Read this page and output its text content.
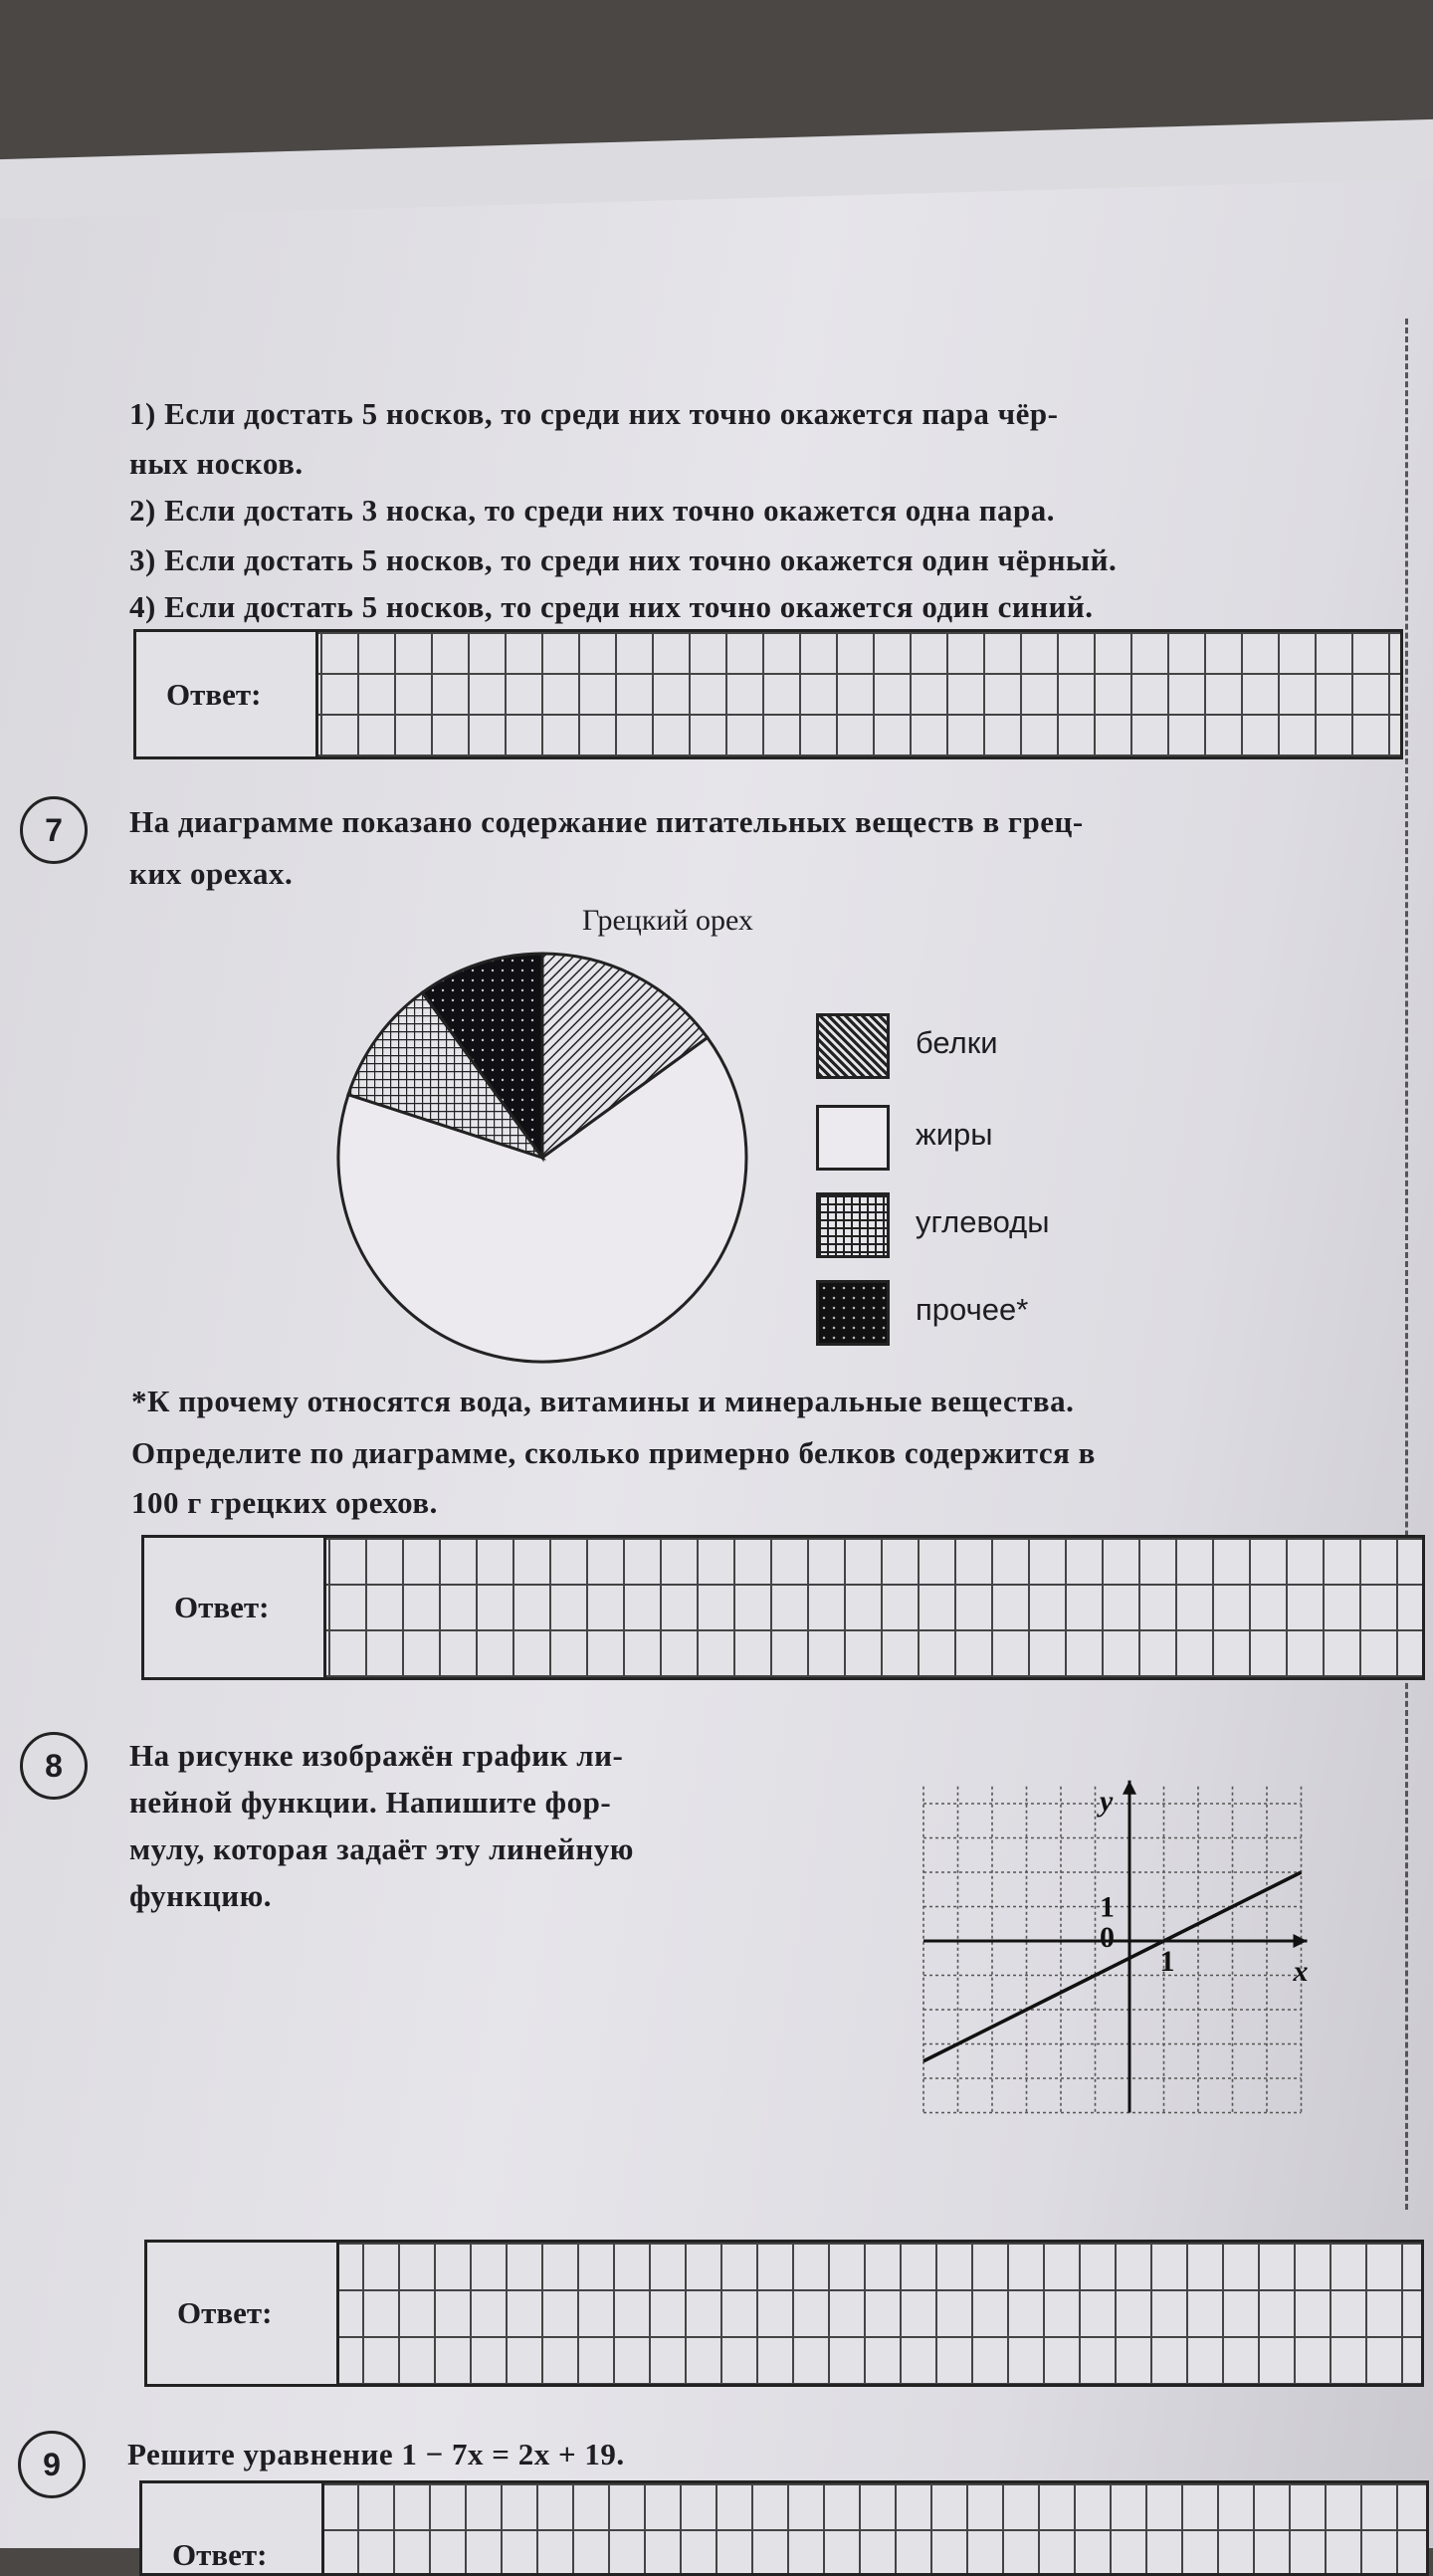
1) Если достать 5 носков, то среди них точно окажется пара чёр-
ных носков.
2) Если достать 3 носка, то среди них точно окажется одна пара.
3) Если достать 5 носков, то среди них точно окажется один чёрный.
4) Если достать 5 носков, то среди них точно окажется один синий.
Ответ:
7	На диаграмме показано содержание питательных веществ в грец-
ких орехах.
Грецкий орех
белки
жиры
углеводы
прочее*
*К прочему относятся вода, витамины и минеральные вещества.
Определите по диаграмме, сколько примерно белков содержится в
100 г грецких орехов.
Ответ:
8	На рисунке изображён график ли-
нейной функции. Напишите фор-
мулу, которая задаёт эту линейную
функцию.
y
x
0
1
1
Ответ:
9	Решите уравнение 1 − 7x = 2x + 19.
Ответ:
